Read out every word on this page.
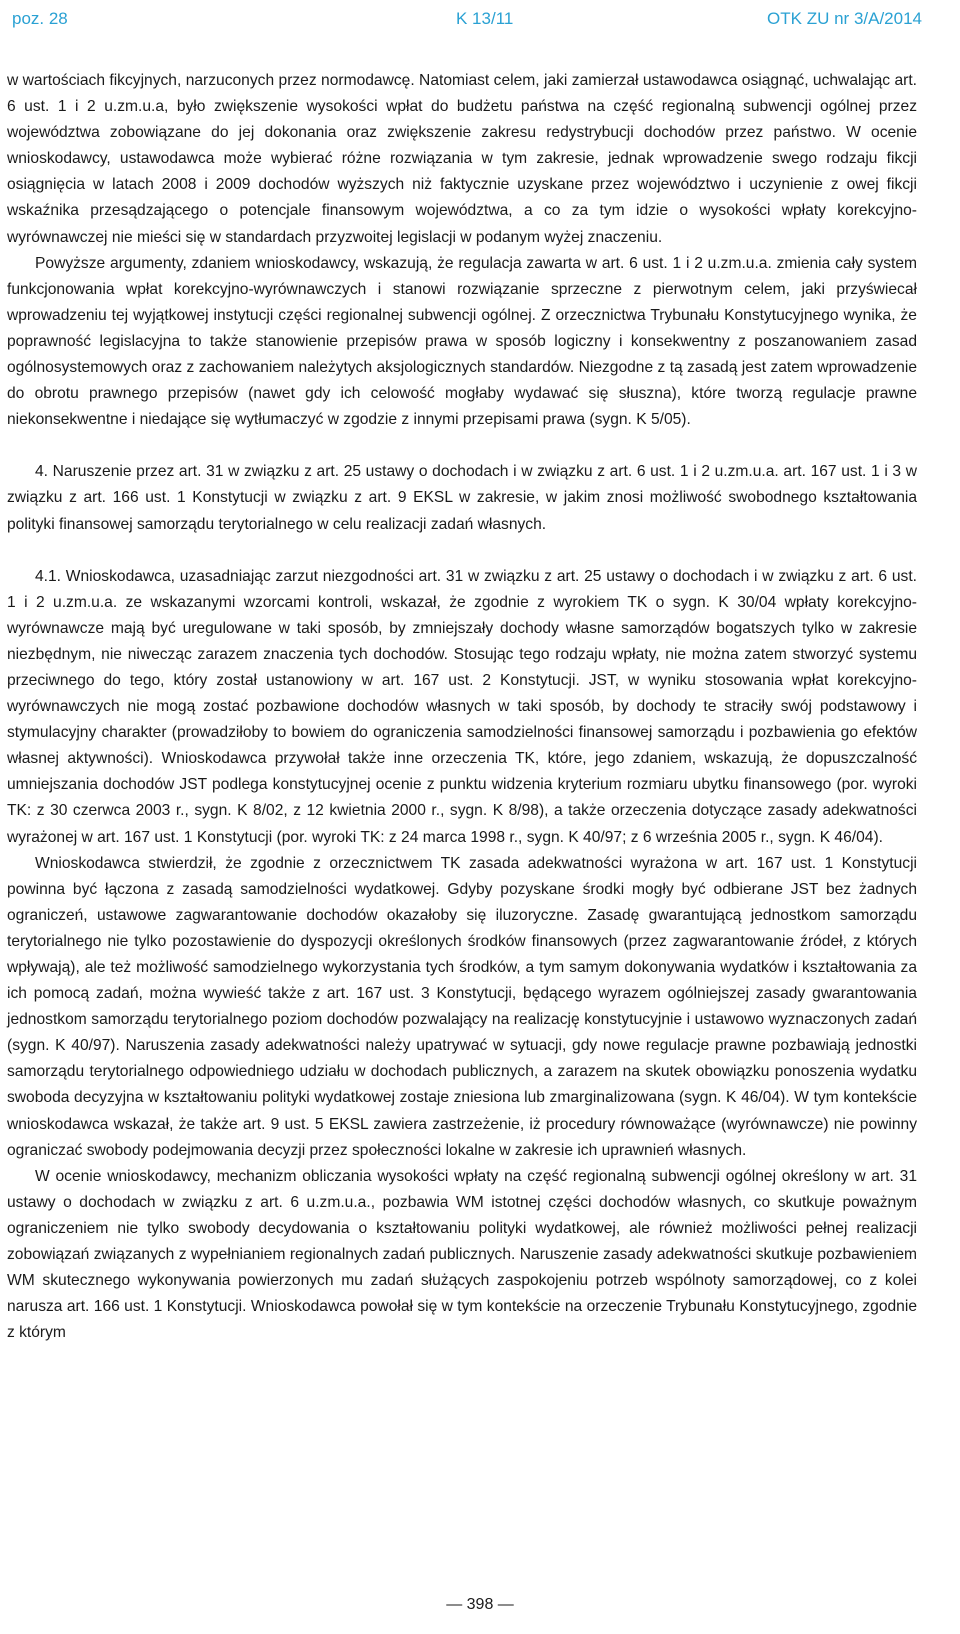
poz. 28	K 13/11	OTK ZU nr 3/A/2014

w wartościach fikcyjnych, narzuconych przez normodawcę. Natomiast celem, jaki zamierzał ustawodawca osiągnąć, uchwalając art. 6 ust. 1 i 2 u.zm.u.a, było zwiększenie wysokości wpłat do budżetu państwa na część regionalną subwencji ogólnej przez województwa zobowiązane do jej dokonania oraz zwiększenie zakresu redystrybucji dochodów przez państwo. W ocenie wnioskodawcy, ustawodawca może wybierać różne rozwiązania w tym zakresie, jednak wprowadzenie swego rodzaju fikcji osiągnięcia w latach 2008 i 2009 dochodów wyższych niż faktycznie uzyskane przez województwo i uczynienie z owej fikcji wskaźnika przesądzającego o potencjale finansowym województwa, a co za tym idzie o wysokości wpłaty korekcyjno-wyrównawczej nie mieści się w standardach przyzwoitej legislacji w podanym wyżej znaczeniu.

Powyższe argumenty, zdaniem wnioskodawcy, wskazują, że regulacja zawarta w art. 6 ust. 1 i 2 u.zm.u.a. zmienia cały system funkcjonowania wpłat korekcyjno-wyrównawczych i stanowi rozwiązanie sprzeczne z pierwotnym celem, jaki przyświecał wprowadzeniu tej wyjątkowej instytucji części regionalnej subwencji ogólnej. Z orzecznictwa Trybunału Konstytucyjnego wynika, że poprawność legislacyjna to także stanowienie przepisów prawa w sposób logiczny i konsekwentny z poszanowaniem zasad ogólnosystemowych oraz z zachowaniem należytych aksjologicznych standardów. Niezgodne z tą zasadą jest zatem wprowadzenie do obrotu prawnego przepisów (nawet gdy ich celowość mogłaby wydawać się słuszna), które tworzą regulacje prawne niekonsekwentne i niedające się wytłumaczyć w zgodzie z innymi przepisami prawa (sygn. K 5/05).

4. Naruszenie przez art. 31 w związku z art. 25 ustawy o dochodach i w związku z art. 6 ust. 1 i 2 u.zm.u.a. art. 167 ust. 1 i 3 w związku z art. 166 ust. 1 Konstytucji w związku z art. 9 EKSL w zakresie, w jakim znosi możliwość swobodnego kształtowania polityki finansowej samorządu terytorialnego w celu realizacji zadań własnych.

4.1. Wnioskodawca, uzasadniając zarzut niezgodności art. 31 w związku z art. 25 ustawy o dochodach i w związku z art. 6 ust. 1 i 2 u.zm.u.a. ze wskazanymi wzorcami kontroli, wskazał, że zgodnie z wyrokiem TK o sygn. K 30/04 wpłaty korekcyjno-wyrównawcze mają być uregulowane w taki sposób, by zmniejszały dochody własne samorządów bogatszych tylko w zakresie niezbędnym, nie niwecząc zarazem znaczenia tych dochodów. Stosując tego rodzaju wpłaty, nie można zatem stworzyć systemu przeciwnego do tego, który został ustanowiony w art. 167 ust. 2 Konstytucji. JST, w wyniku stosowania wpłat korekcyjno-wyrównawczych nie mogą zostać pozbawione dochodów własnych w taki sposób, by dochody te straciły swój podstawowy i stymulacyjny charakter (prowadziłoby to bowiem do ograniczenia samodzielności finansowej samorządu i pozbawienia go efektów własnej aktywności). Wnioskodawca przywołał także inne orzeczenia TK, które, jego zdaniem, wskazują, że dopuszczalność umniejszania dochodów JST podlega konstytucyjnej ocenie z punktu widzenia kryterium rozmiaru ubytku finansowego (por. wyroki TK: z 30 czerwca 2003 r., sygn. K 8/02, z 12 kwietnia 2000 r., sygn. K 8/98), a także orzeczenia dotyczące zasady adekwatności wyrażonej w art. 167 ust. 1 Konstytucji (por. wyroki TK: z 24 marca 1998 r., sygn. K 40/97; z 6 września 2005 r., sygn. K 46/04).

Wnioskodawca stwierdził, że zgodnie z orzecznictwem TK zasada adekwatności wyrażona w art. 167 ust. 1 Konstytucji powinna być łączona z zasadą samodzielności wydatkowej. Gdyby pozyskane środki mogły być odbierane JST bez żadnych ograniczeń, ustawowe zagwarantowanie dochodów okazałoby się iluzoryczne. Zasadę gwarantującą jednostkom samorządu terytorialnego nie tylko pozostawienie do dyspozycji określonych środków finansowych (przez zagwarantowanie źródeł, z których wpływają), ale też możliwość samodzielnego wykorzystania tych środków, a tym samym dokonywania wydatków i kształtowania za ich pomocą zadań, można wywieść także z art. 167 ust. 3 Konstytucji, będącego wyrazem ogólniejszej zasady gwarantowania jednostkom samorządu terytorialnego poziom dochodów pozwalający na realizację konstytucyjnie i ustawowo wyznaczonych zadań (sygn. K 40/97). Naruszenia zasady adekwatności należy upatrywać w sytuacji, gdy nowe regulacje prawne pozbawiają jednostki samorządu terytorialnego odpowiedniego udziału w dochodach publicznych, a zarazem na skutek obowiązku ponoszenia wydatku swoboda decyzyjna w kształtowaniu polityki wydatkowej zostaje zniesiona lub zmarginalizowana (sygn. K 46/04). W tym kontekście wnioskodawca wskazał, że także art. 9 ust. 5 EKSL zawiera zastrzeżenie, iż procedury równoważące (wyrównawcze) nie powinny ograniczać swobody podejmowania decyzji przez społeczności lokalne w zakresie ich uprawnień własnych.

W ocenie wnioskodawcy, mechanizm obliczania wysokości wpłaty na część regionalną subwencji ogólnej określony w art. 31 ustawy o dochodach w związku z art. 6 u.zm.u.a., pozbawia WM istotnej części dochodów własnych, co skutkuje poważnym ograniczeniem nie tylko swobody decydowania o kształtowaniu polityki wydatkowej, ale również możliwości pełnej realizacji zobowiązań związanych z wypełnianiem regionalnych zadań publicznych. Naruszenie zasady adekwatności skutkuje pozbawieniem WM skutecznego wykonywania powierzonych mu zadań służących zaspokojeniu potrzeb wspólnoty samorządowej, co z kolei narusza art. 166 ust. 1 Konstytucji. Wnioskodawca powołał się w tym kontekście na orzeczenie Trybunału Konstytucyjnego, zgodnie z którym

— 398 —
